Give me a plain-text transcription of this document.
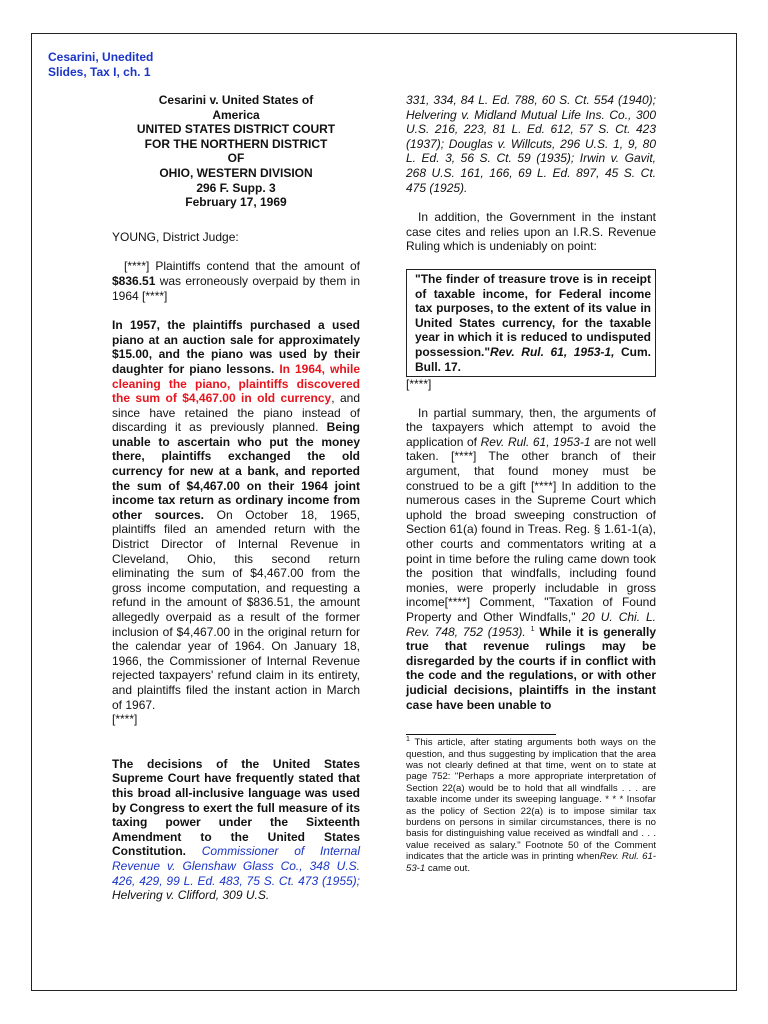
Cesarini, Unedited
Slides, Tax I, ch. 1
Cesarini v. United States of
America
UNITED STATES DISTRICT COURT
FOR THE NORTHERN DISTRICT
OF
OHIO, WESTERN DIVISION
296 F. Supp. 3
February 17, 1969

YOUNG, District Judge:

[****] Plaintiffs contend that the amount of $836.51 was erroneously overpaid by them in 1964 [****]

In 1957, the plaintiffs purchased a used piano at an auction sale for approximately $15.00, and the piano was used by their daughter for piano lessons. In 1964, while cleaning the piano, plaintiffs discovered the sum of $4,467.00 in old currency, and since have retained the piano instead of discarding it as previously planned. Being unable to ascertain who put the money there, plaintiffs exchanged the old currency for new at a bank, and reported the sum of $4,467.00 on their 1964 joint income tax return as ordinary income from other sources. On October 18, 1965, plaintiffs filed an amended return with the District Director of Internal Revenue in Cleveland, Ohio, this second return eliminating the sum of $4,467.00 from the gross income computation, and requesting a refund in the amount of $836.51, the amount allegedly overpaid as a result of the former inclusion of $4,467.00 in the original return for the calendar year of 1964. On January 18, 1966, the Commissioner of Internal Revenue rejected taxpayers' refund claim in its entirety, and plaintiffs filed the instant action in March of 1967.
[****]

The decisions of the United States Supreme Court have frequently stated that this broad all-inclusive language was used by Congress to exert the full measure of its taxing power under the Sixteenth Amendment to the United States Constitution. Commissioner of Internal Revenue v. Glenshaw Glass Co., 348 U.S. 426, 429, 99 L. Ed. 483, 75 S. Ct. 473 (1955); Helvering v. Clifford, 309 U.S.

331, 334, 84 L. Ed. 788, 60 S. Ct. 554 (1940); Helvering v. Midland Mutual Life Ins. Co., 300 U.S. 216, 223, 81 L. Ed. 612, 57 S. Ct. 423 (1937); Douglas v. Willcuts, 296 U.S. 1, 9, 80 L. Ed. 3, 56 S. Ct. 59 (1935); Irwin v. Gavit, 268 U.S. 161, 166, 69 L. Ed. 897, 45 S. Ct. 475 (1925).

In addition, the Government in the instant case cites and relies upon an I.R.S. Revenue Ruling which is undeniably on point:

"The finder of treasure trove is in receipt of taxable income, for Federal income tax purposes, to the extent of its value in United States currency, for the taxable year in which it is reduced to undisputed possession."Rev. Rul. 61, 1953-1, Cum. Bull. 17.

[****]

In partial summary, then, the arguments of the taxpayers which attempt to avoid the application of Rev. Rul. 61, 1953-1 are not well taken. [****] The other branch of their argument, that found money must be construed to be a gift [****] In addition to the numerous cases in the Supreme Court which uphold the broad sweeping construction of Section 61(a) found in Treas. Reg. § 1.61-1(a), other courts and commentators writing at a point in time before the ruling came down took the position that windfalls, including found monies, were properly includable in gross income[****] Comment, "Taxation of Found Property and Other Windfalls," 20 U. Chi. L. Rev. 748, 752 (1953). $^1$ While it is generally true that revenue rulings may be disregarded by the courts if in conflict with the code and the regulations, or with other judicial decisions, plaintiffs in the instant case have been unable to

$^1$ This article, after stating arguments both ways on the question, and thus suggesting by implication that the area was not clearly defined at that time, went on to state at page 752: "Perhaps a more appropriate interpretation of Section 22(a) would be to hold that all windfalls . . . are taxable income under its sweeping language. * * * Insofar as the policy of Section 22(a) is to impose similar tax burdens on persons in similar circumstances, there is no basis for distinguishing value received as windfall and . . . value received as salary." Footnote 50 of the Comment indicates that the article was in printing whenRev. Rul. 61-53-1 came out.
